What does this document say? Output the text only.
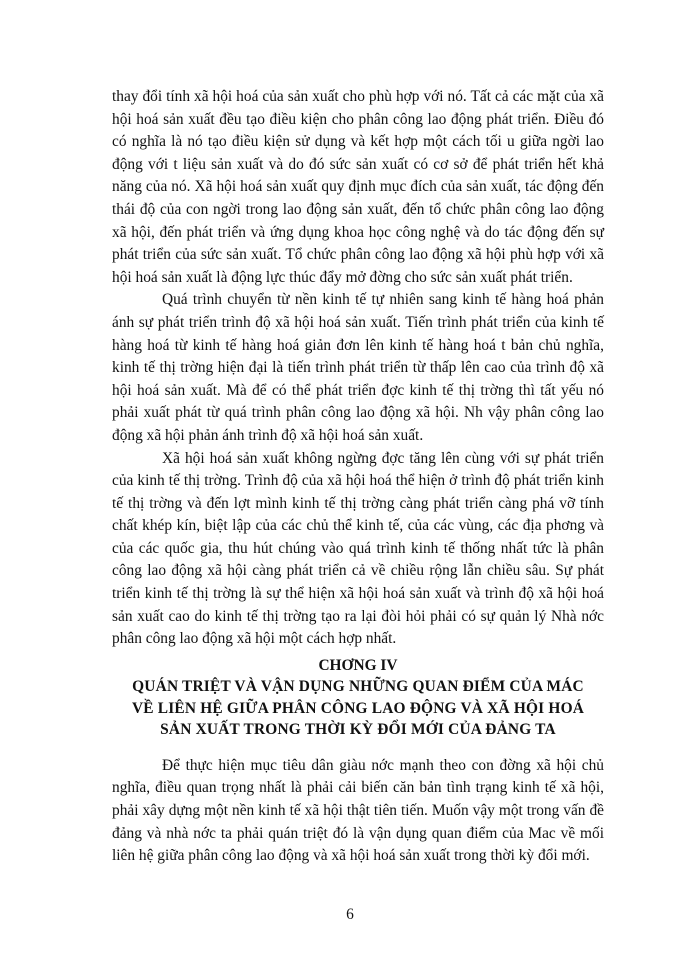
thay đổi tính xã hội hoá của sản xuất cho phù hợp với nó. Tất cả các mặt của xã hội hoá sản xuất đều tạo điều kiện cho phân công lao động phát triển. Điều đó có nghĩa là nó tạo điều kiện sử dụng và kết hợp một cách tối u giữa ngời lao động với t liệu sản xuất và do đó sức sản xuất có cơ sở để phát triển hết khả năng của nó. Xã hội hoá sản xuất quy định mục đích của sản xuất, tác động đến thái độ của con ngời trong lao động sản xuất, đến tổ chức phân công lao động xã hội, đến phát triển và ứng dụng khoa học công nghệ và do tác động đến sự phát triển của sức sản xuất. Tổ chức phân công lao động xã hội phù hợp với xã hội hoá sản xuất là động lực thúc đẩy mở đờng cho sức sản xuất phát triển.

Quá trình chuyển từ nền kinh tế tự nhiên sang kinh tế hàng hoá phản ánh sự phát triển trình độ xã hội hoá sản xuất. Tiến trình phát triển của kinh tế hàng hoá từ kinh tế hàng hoá giản đơn lên kinh tế hàng hoá t bản chủ nghĩa, kinh tế thị trờng hiện đại là tiến trình phát triển từ thấp lên cao của trình độ xã hội hoá sản xuất. Mà để có thể phát triển đợc kinh tế thị trờng thì tất yếu nó phải xuất phát từ quá trình phân công lao động xã hội. Nh vậy phân công lao động xã hội phản ánh trình độ xã hội hoá sản xuất.

Xã hội hoá sản xuất không ngừng đợc tăng lên cùng với sự phát triển của kinh tế thị trờng. Trình độ của xã hội hoá thể hiện ở trình độ phát triển kinh tế thị trờng và đến lợt mình kinh tế thị trờng càng phát triển càng phá vỡ tính chất khép kín, biệt lập của các chủ thể kinh tế, của các vùng, các địa phơng và của các quốc gia, thu hút chúng vào quá trình kinh tế thống nhất tức là phân công lao động xã hội càng phát triển cả về chiều rộng lẫn chiều sâu. Sự phát triển kinh tế thị trờng là sự thể hiện xã hội hoá sản xuất và trình độ xã hội hoá sản xuất cao do kinh tế thị trờng tạo ra lại đòi hỏi phải có sự quản lý Nhà nớc phân công lao động xã hội một cách hợp nhất.

CHƠNG IV
QUÁN TRIỆT VÀ VẬN DỤNG NHỮNG QUAN ĐIỂM CỦA MÁC
VỀ LIÊN HỆ GIỮA PHÂN CÔNG LAO ĐỘNG VÀ XÃ HỘI HOÁ
SẢN XUẤT TRONG THỜI KỲ ĐỔI MỚI CỦA ĐẢNG TA

Để thực hiện mục tiêu dân giàu nớc mạnh theo con đờng xã hội chủ nghĩa, điều quan trọng nhất là phải cải biến căn bản tình trạng kinh tế xã hội, phải xây dựng một nền kinh tế xã hội thật tiên tiến. Muốn vậy một trong vấn đề đảng và nhà nớc ta phải quán triệt đó là vận dụng quan điểm của Mac về mối liên hệ giữa phân công lao động và xã hội hoá sản xuất trong thời kỳ đổi mới.

6
